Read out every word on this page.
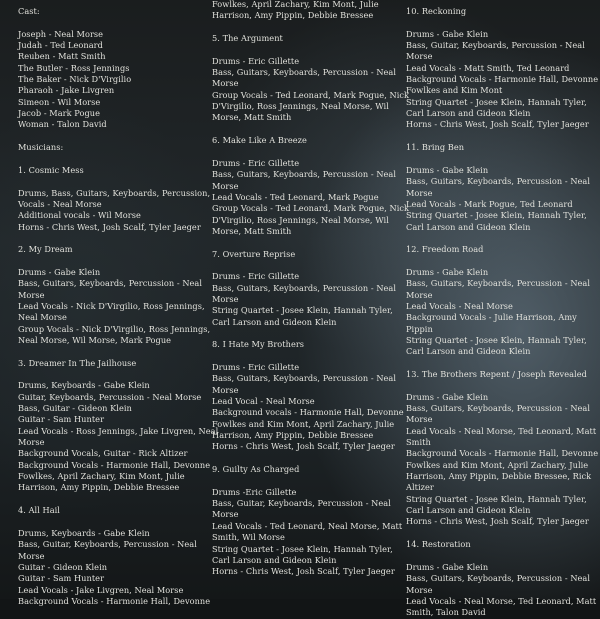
Cast:
Joseph - Neal Morse
Judah - Ted Leonard
Reuben - Matt Smith
The Butler - Ross Jennings
The Baker - Nick D'Virgilio
Pharaoh - Jake Livgren
Simeon - Wil Morse
Jacob - Mark Pogue
Woman - Talon David
Musicians:
1. Cosmic Mess
Drums, Bass, Guitars, Keyboards, Percussion,
Vocals - Neal Morse
Additional vocals - Wil Morse
Horns - Chris West, Josh Scalf, Tyler Jaeger
2. My Dream
Drums - Gabe Klein
Bass, Guitars, Keyboards, Percussion - Neal
Morse
Lead Vocals - Nick D'Virgilio, Ross Jennings,
Neal Morse
Group Vocals - Nick D'Virgilio, Ross Jennings,
Neal Morse, Wil Morse, Mark Pogue
3. Dreamer In The Jailhouse
Drums, Keyboards - Gabe Klein
Guitar, Keyboards, Percussion - Neal Morse
Bass, Guitar - Gideon Klein
Guitar - Sam Hunter
Lead Vocals - Ross Jennings, Jake Livgren, Neal
Morse
Background Vocals, Guitar - Rick Altizer
Background Vocals - Harmonie Hall, Devonne
Fowlkes, April Zachary, Kim Mont, Julie
Harrison, Amy Pippin, Debbie Bressee
4. All Hail
Drums, Keyboards - Gabe Klein
Bass, Guitar, Keyboards, Percussion - Neal
Morse
Guitar - Gideon Klein
Guitar - Sam Hunter
Lead Vocals - Jake Livgren, Neal Morse
Background Vocals - Harmonie Hall, Devonne
Fowlkes, April Zachary, Kim Mont, Julie
Harrison, Amy Pippin, Debbie Bressee
5. The Argument
Drums - Eric Gillette
Bass, Guitars, Keyboards, Percussion - Neal
Morse
Group Vocals - Ted Leonard, Mark Pogue, Nick
D'Virgilio, Ross Jennings, Neal Morse, Wil
Morse, Matt Smith
6. Make Like A Breeze
Drums - Eric Gillette
Bass, Guitars, Keyboards, Percussion - Neal
Morse
Lead Vocals - Ted Leonard, Mark Pogue
Group Vocals - Ted Leonard, Mark Pogue, Nick
D'Virgilio, Ross Jennings, Neal Morse, Wil
Morse, Matt Smith
7. Overture Reprise
Drums - Eric Gillette
Bass, Guitars, Keyboards, Percussion - Neal
Morse
String Quartet - Josee Klein, Hannah Tyler,
Carl Larson and Gideon Klein
8. I Hate My Brothers
Drums - Eric Gillette
Bass, Guitars, Keyboards, Percussion - Neal
Morse
Lead Vocal - Neal Morse
Background vocals - Harmonie Hall, Devonne
Fowlkes and Kim Mont, April Zachary, Julie
Harrison, Amy Pippin, Debbie Bressee
Horns - Chris West, Josh Scalf, Tyler Jaeger
9. Guilty As Charged
Drums -Eric Gillette
Bass, Guitar, Keyboards, Percussion - Neal
Morse
Lead Vocals - Ted Leonard, Neal Morse, Matt
Smith, Wil Morse
String Quartet - Josee Klein, Hannah Tyler,
Carl Larson and Gideon Klein
Horns - Chris West, Josh Scalf, Tyler Jaeger
10. Reckoning
Drums - Gabe Klein
Bass, Guitar, Keyboards, Percussion - Neal
Morse
Lead Vocals - Matt Smith, Ted Leonard
Background Vocals - Harmonie Hall, Devonne
Fowlkes and Kim Mont
String Quartet - Josee Klein, Hannah Tyler,
Carl Larson and Gideon Klein
Horns - Chris West, Josh Scalf, Tyler Jaeger
11. Bring Ben
Drums - Gabe Klein
Bass, Guitars, Keyboards, Percussion - Neal
Morse
Lead Vocals - Mark Pogue, Ted Leonard
String Quartet - Josee Klein, Hannah Tyler,
Carl Larson and Gideon Klein
12. Freedom Road
Drums - Gabe Klein
Bass, Guitars, Keyboards, Percussion - Neal
Morse
Lead Vocals - Neal Morse
Background Vocals - Julie Harrison, Amy
Pippin
String Quartet - Josee Klein, Hannah Tyler,
Carl Larson and Gideon Klein
13. The Brothers Repent / Joseph Revealed
Drums - Gabe Klein
Bass, Guitars, Keyboards, Percussion - Neal
Morse
Lead Vocals - Neal Morse, Ted Leonard, Matt
Smith
Background Vocals - Harmonie Hall, Devonne
Fowlkes and Kim Mont, April Zachary, Julie
Harrison, Amy Pippin, Debbie Bressee, Rick
Altizer
String Quartet - Josee Klein, Hannah Tyler,
Carl Larson and Gideon Klein
Horns - Chris West, Josh Scalf, Tyler Jaeger
14. Restoration
Drums - Gabe Klein
Bass, Guitars, Keyboards, Percussion - Neal
Morse
Lead Vocals - Neal Morse, Ted Leonard, Matt
Smith, Talon David
